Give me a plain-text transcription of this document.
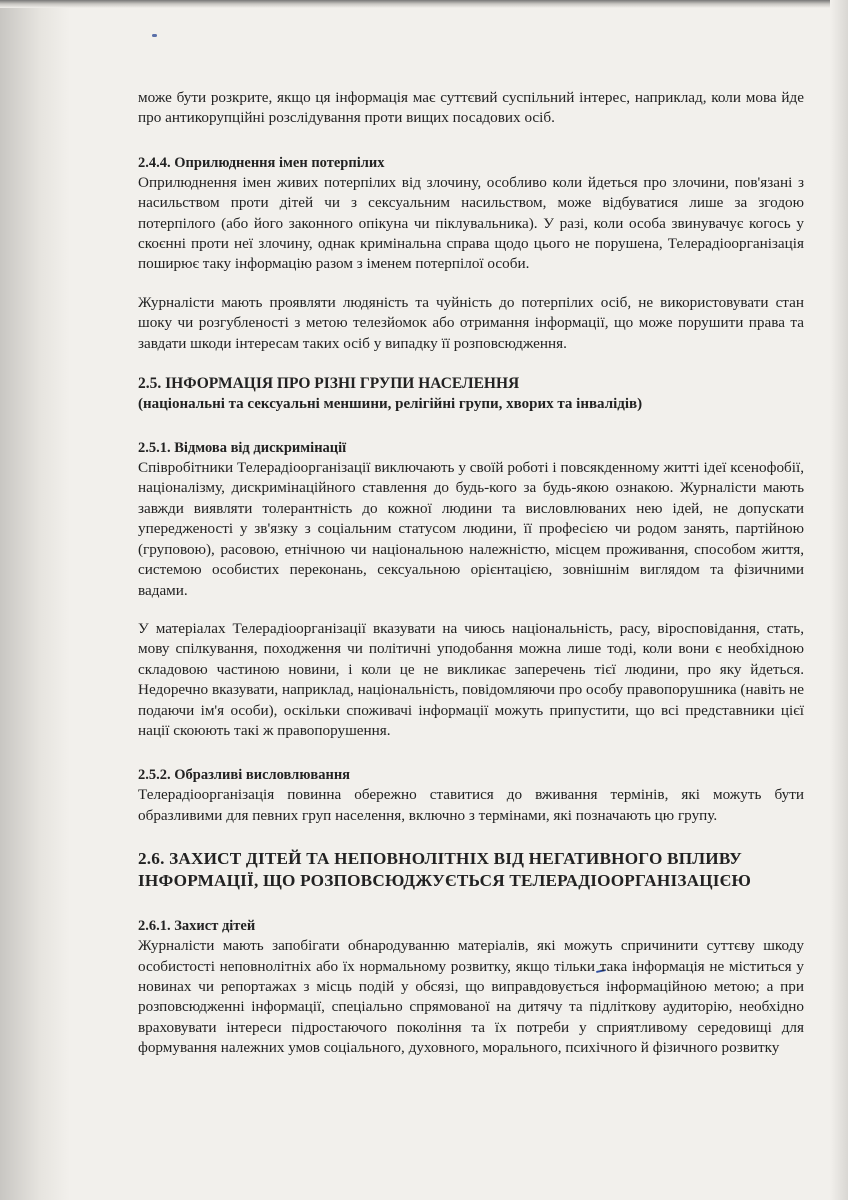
може бути розкрите, якщо ця інформація має суттєвий суспільний інтерес, наприклад, коли мова йде про антикорупційні розслідування проти вищих посадових осіб.

2.4.4. Оприлюднення імен потерпілих

Оприлюднення імен живих потерпілих від злочину, особливо коли йдеться про злочини, пов'язані з насильством проти дітей чи з сексуальним насильством, може відбуватися лише за згодою потерпілого (або його законного опікуна чи піклувальника). У разі, коли особа звинувачує когось у скоєнні проти неї злочину, однак кримінальна справа щодо цього не порушена, Телерадіоорганізація поширює таку інформацію разом з іменем потерпілої особи.

Журналісти мають проявляти людяність та чуйність до потерпілих осіб, не використовувати стан шоку чи розгубленості з метою телезйомок або отримання інформації, що може порушити права та завдати шкоди інтересам таких осіб у випадку її розповсюдження.

2.5. ІНФОРМАЦІЯ ПРО РІЗНІ ГРУПИ НАСЕЛЕННЯ
(національні та сексуальні меншини, релігійні групи, хворих та інвалідів)
2.5.1. Відмова від дискримінації

Співробітники Телерадіоорганізації виключають у своїй роботі і повсякденному житті ідеї ксенофобії, націоналізму, дискримінаційного ставлення до будь-кого за будь-якою ознакою. Журналісти мають завжди виявляти толерантність до кожної людини та висловлюваних нею ідей, не допускати упередженості у зв'язку з соціальним статусом людини, її професією чи родом занять, партійною (груповою), расовою, етнічною чи національною належністю, місцем проживання, способом життя, системою особистих переконань, сексуальною орієнтацією, зовнішнім виглядом та фізичними вадами.

У матеріалах Телерадіоорганізації вказувати на чиюсь національність, расу, віросповідання, стать, мову спілкування, походження чи політичні уподобання можна лише тоді, коли вони є необхідною складовою частиною новини, і коли це не викликає заперечень тієї людини, про яку йдеться. Недоречно вказувати, наприклад, національність, повідомляючи про особу правопорушника (навіть не подаючи ім'я особи), оскільки споживачі інформації можуть припустити, що всі представники цієї нації скоюють такі ж правопорушення.

2.5.2. Образливі висловлювання

Телерадіоорганізація повинна обережно ставитися до вживання термінів, які можуть бути образливими для певних груп населення, включно з термінами, які позначають цю групу.

2.6. ЗАХИСТ ДІТЕЙ ТА НЕПОВНОЛІТНІХ ВІД НЕГАТИВНОГО ВПЛИВУ ІНФОРМАЦІЇ, ЩО РОЗПОВСЮДЖУЄТЬСЯ ТЕЛЕРАДІООРГАНІЗАЦІЄЮ
2.6.1. Захист дітей

Журналісти мають запобігати обнародуванню матеріалів, які можуть спричинити суттєву шкоду особистості неповнолітніх або їх нормальному розвитку, якщо тільки така інформація не міститься у новинах чи репортажах з місць подій у обсязі, що виправдовується інформаційною метою; а при розповсюдженні інформації, спеціально спрямованої на дитячу та підліткову аудиторію, необхідно враховувати інтереси підростаючого покоління та їх потреби у сприятливому середовищі для формування належних умов соціального, духовного, морального, психічного й фізичного розвитку
